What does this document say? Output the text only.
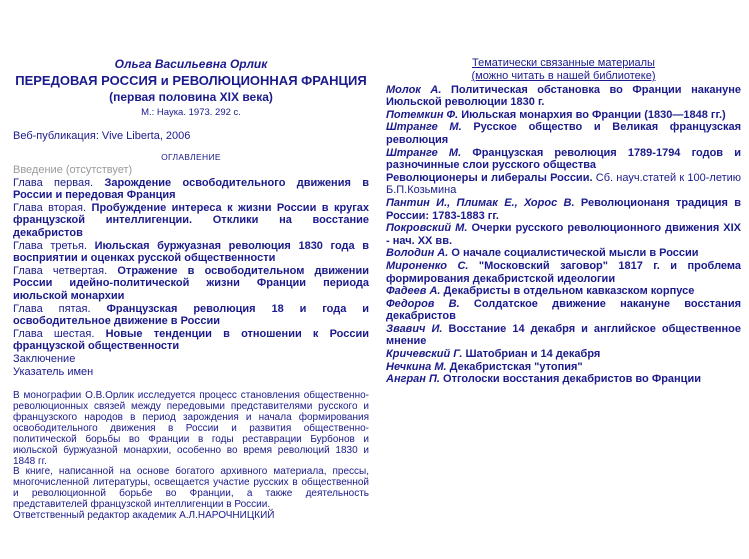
Ольга Васильевна Орлик
ПЕРЕДОВАЯ РОССИЯ и РЕВОЛЮЦИОННАЯ ФРАНЦИЯ
(первая половина XIX века)
М.: Наука. 1973. 292 с.
Веб-публикация: Vive Liberta, 2006
ОГЛАВЛЕНИЕ
Введение (отсутствует)
Глава первая. Зарождение освободительного движения в России и передовая Франция
Глава вторая. Пробуждение интереса к жизни России в кругах французской интеллигенции. Отклики на восстание декабристов
Глава третья. Июльская буржуазная революция 1830 года в восприятии и оценках русской общественности
Глава четвертая. Отражение в освободительном движении России идейно-политической жизни Франции периода июльской монархии
Глава пятая. Французская революция 18 и года и освободительное движение в России
Глава шестая. Новые тенденции в отношении к России французской общественности
Заключение
Указатель имен

В монографии О.В.Орлик исследуется процесс становления общественно-революционных связей между передовыми представителями русского и французского народов в период зарождения и начала формирования освободительного движения в России и развития общественно-политической борьбы во Франции в годы реставрации Бурбонов и июльской буржуазной монархии, особенно во время революций 1830 и 1848 гг.

В книге, написанной на основе богатого архивного материала, прессы, многочисленной литературы, освещается участие русских в общественной и революционной борьбе во Франции, а также деятельность представителей французской интеллигенции в России.

Ответственный редактор академик А.Л.НАРОЧНИЦКИЙ

Тематически связанные материалы
(можно читать в нашей библиотеке)
Молок А. Политическая обстановка во Франции накануне Июльской революции 1830 г.
Потемкин Ф. Июльская монархия во Франции (1830—1848 гг.)
Штранге М. Русское общество и Великая французская революция
Штранге М. Французская революция 1789-1794 годов и разночинные слои русского общества
Революционеры и либералы России. Сб. науч.статей к 100-летию Б.П.Козьмина
Пантин И., Плимак Е., Хорос В. Революционаня традиция в России: 1783-1883 гг.
Покровский М. Очерки русского революционного движения XIX - нач. XX вв.
Володин А. О начале социалистической мысли в России
Мироненко С. "Московский заговор" 1817 г. и проблема формирования декабристской идеологии
Фадеев А. Декабристы в отдельном кавказском корпусе
Федоров В. Солдатское движение накануне восстания декабристов
Звавич И. Восстание 14 декабря и английское общественное мнение
Кричевский Г. Шатобриан и 14 декабря
Нечкина М. Декабристская "утопия"
Ангран П. Отголоски восстания декабристов во Франции
